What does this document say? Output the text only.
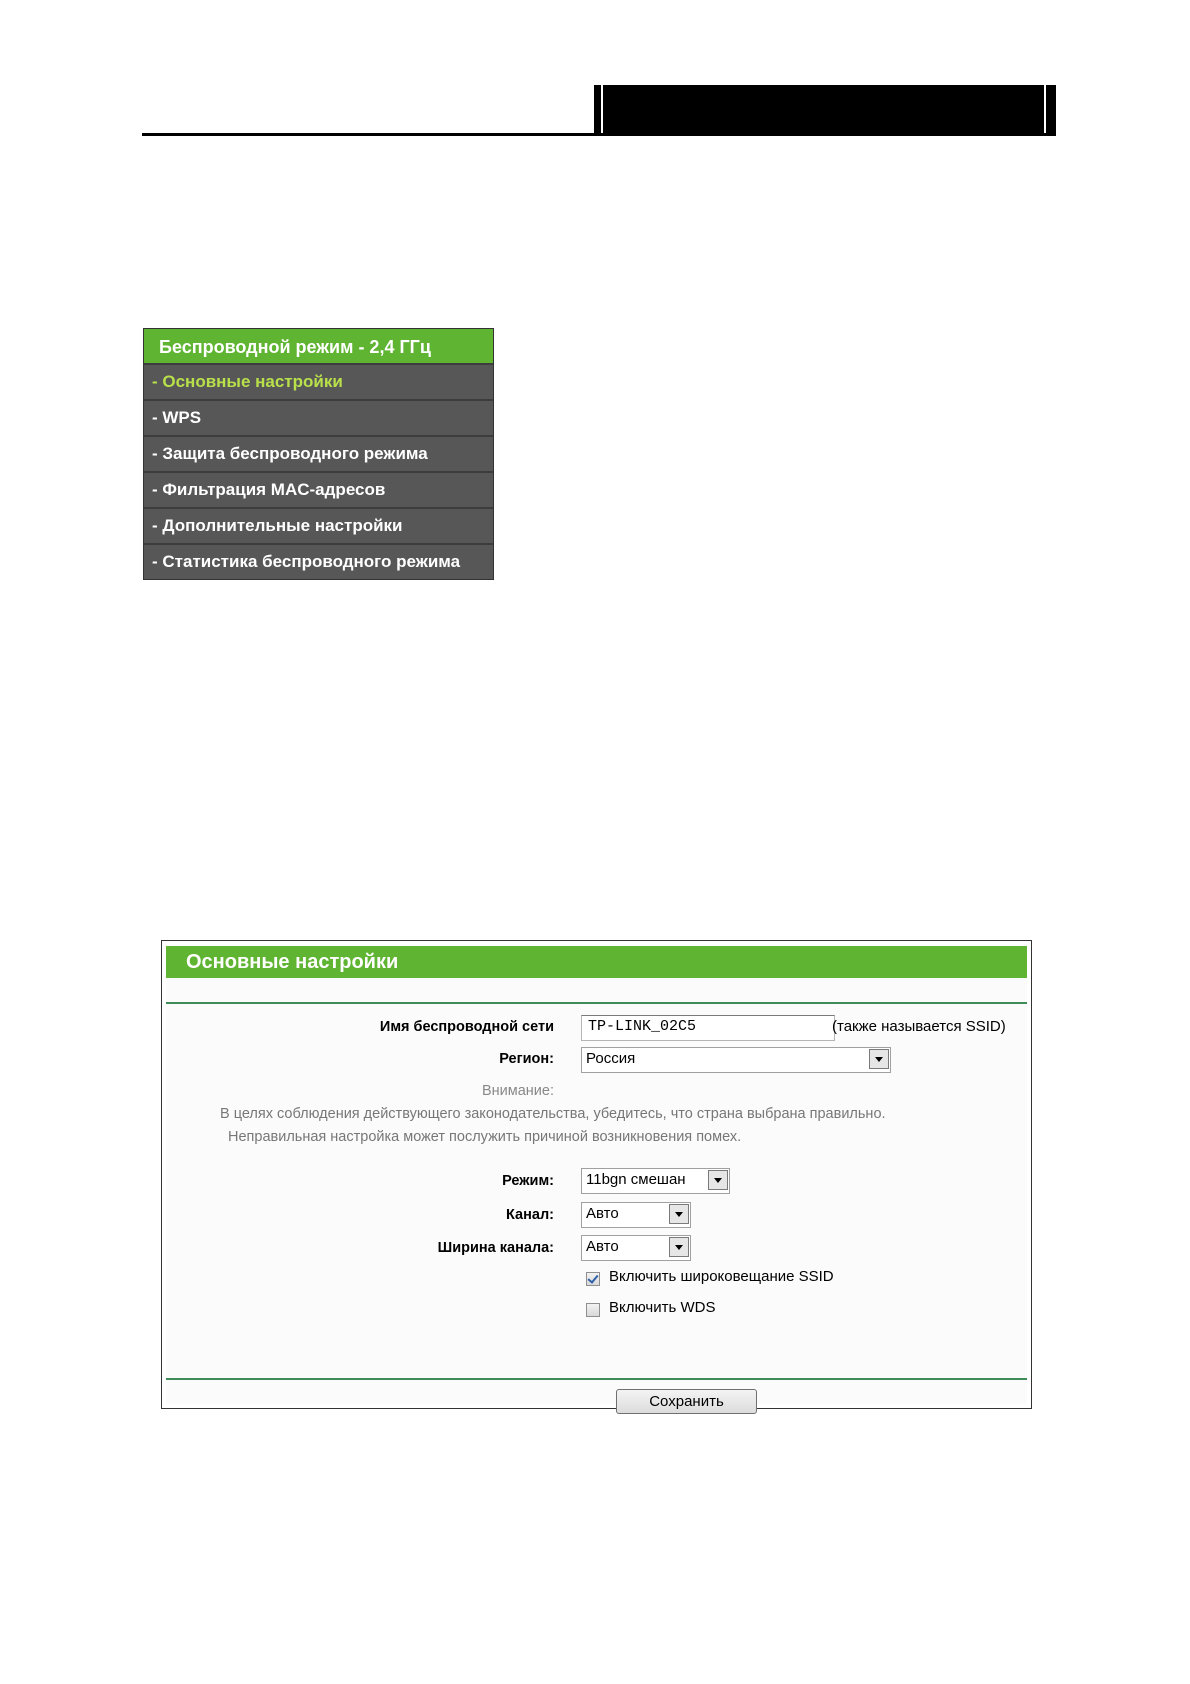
Беспроводной режим - 2,4 ГГц
- Основные настройки
- WPS
- Защита беспроводного режима
- Фильтрация MAC-адресов
- Дополнительные настройки
- Статистика беспроводного режима
Основные настройки
Имя беспроводной сети	TP-LINK_02C5	(также называется SSID)
Регион:	Россия
Внимание:
В целях соблюдения действующего законодательства, убедитесь, что страна выбрана правильно.
Неправильная настройка может послужить причиной возникновения помех.
Режим:	11bgn смешан
Канал:	Авто
Ширина канала:	Авто
Включить широковещание SSID
Включить WDS
Сохранить
